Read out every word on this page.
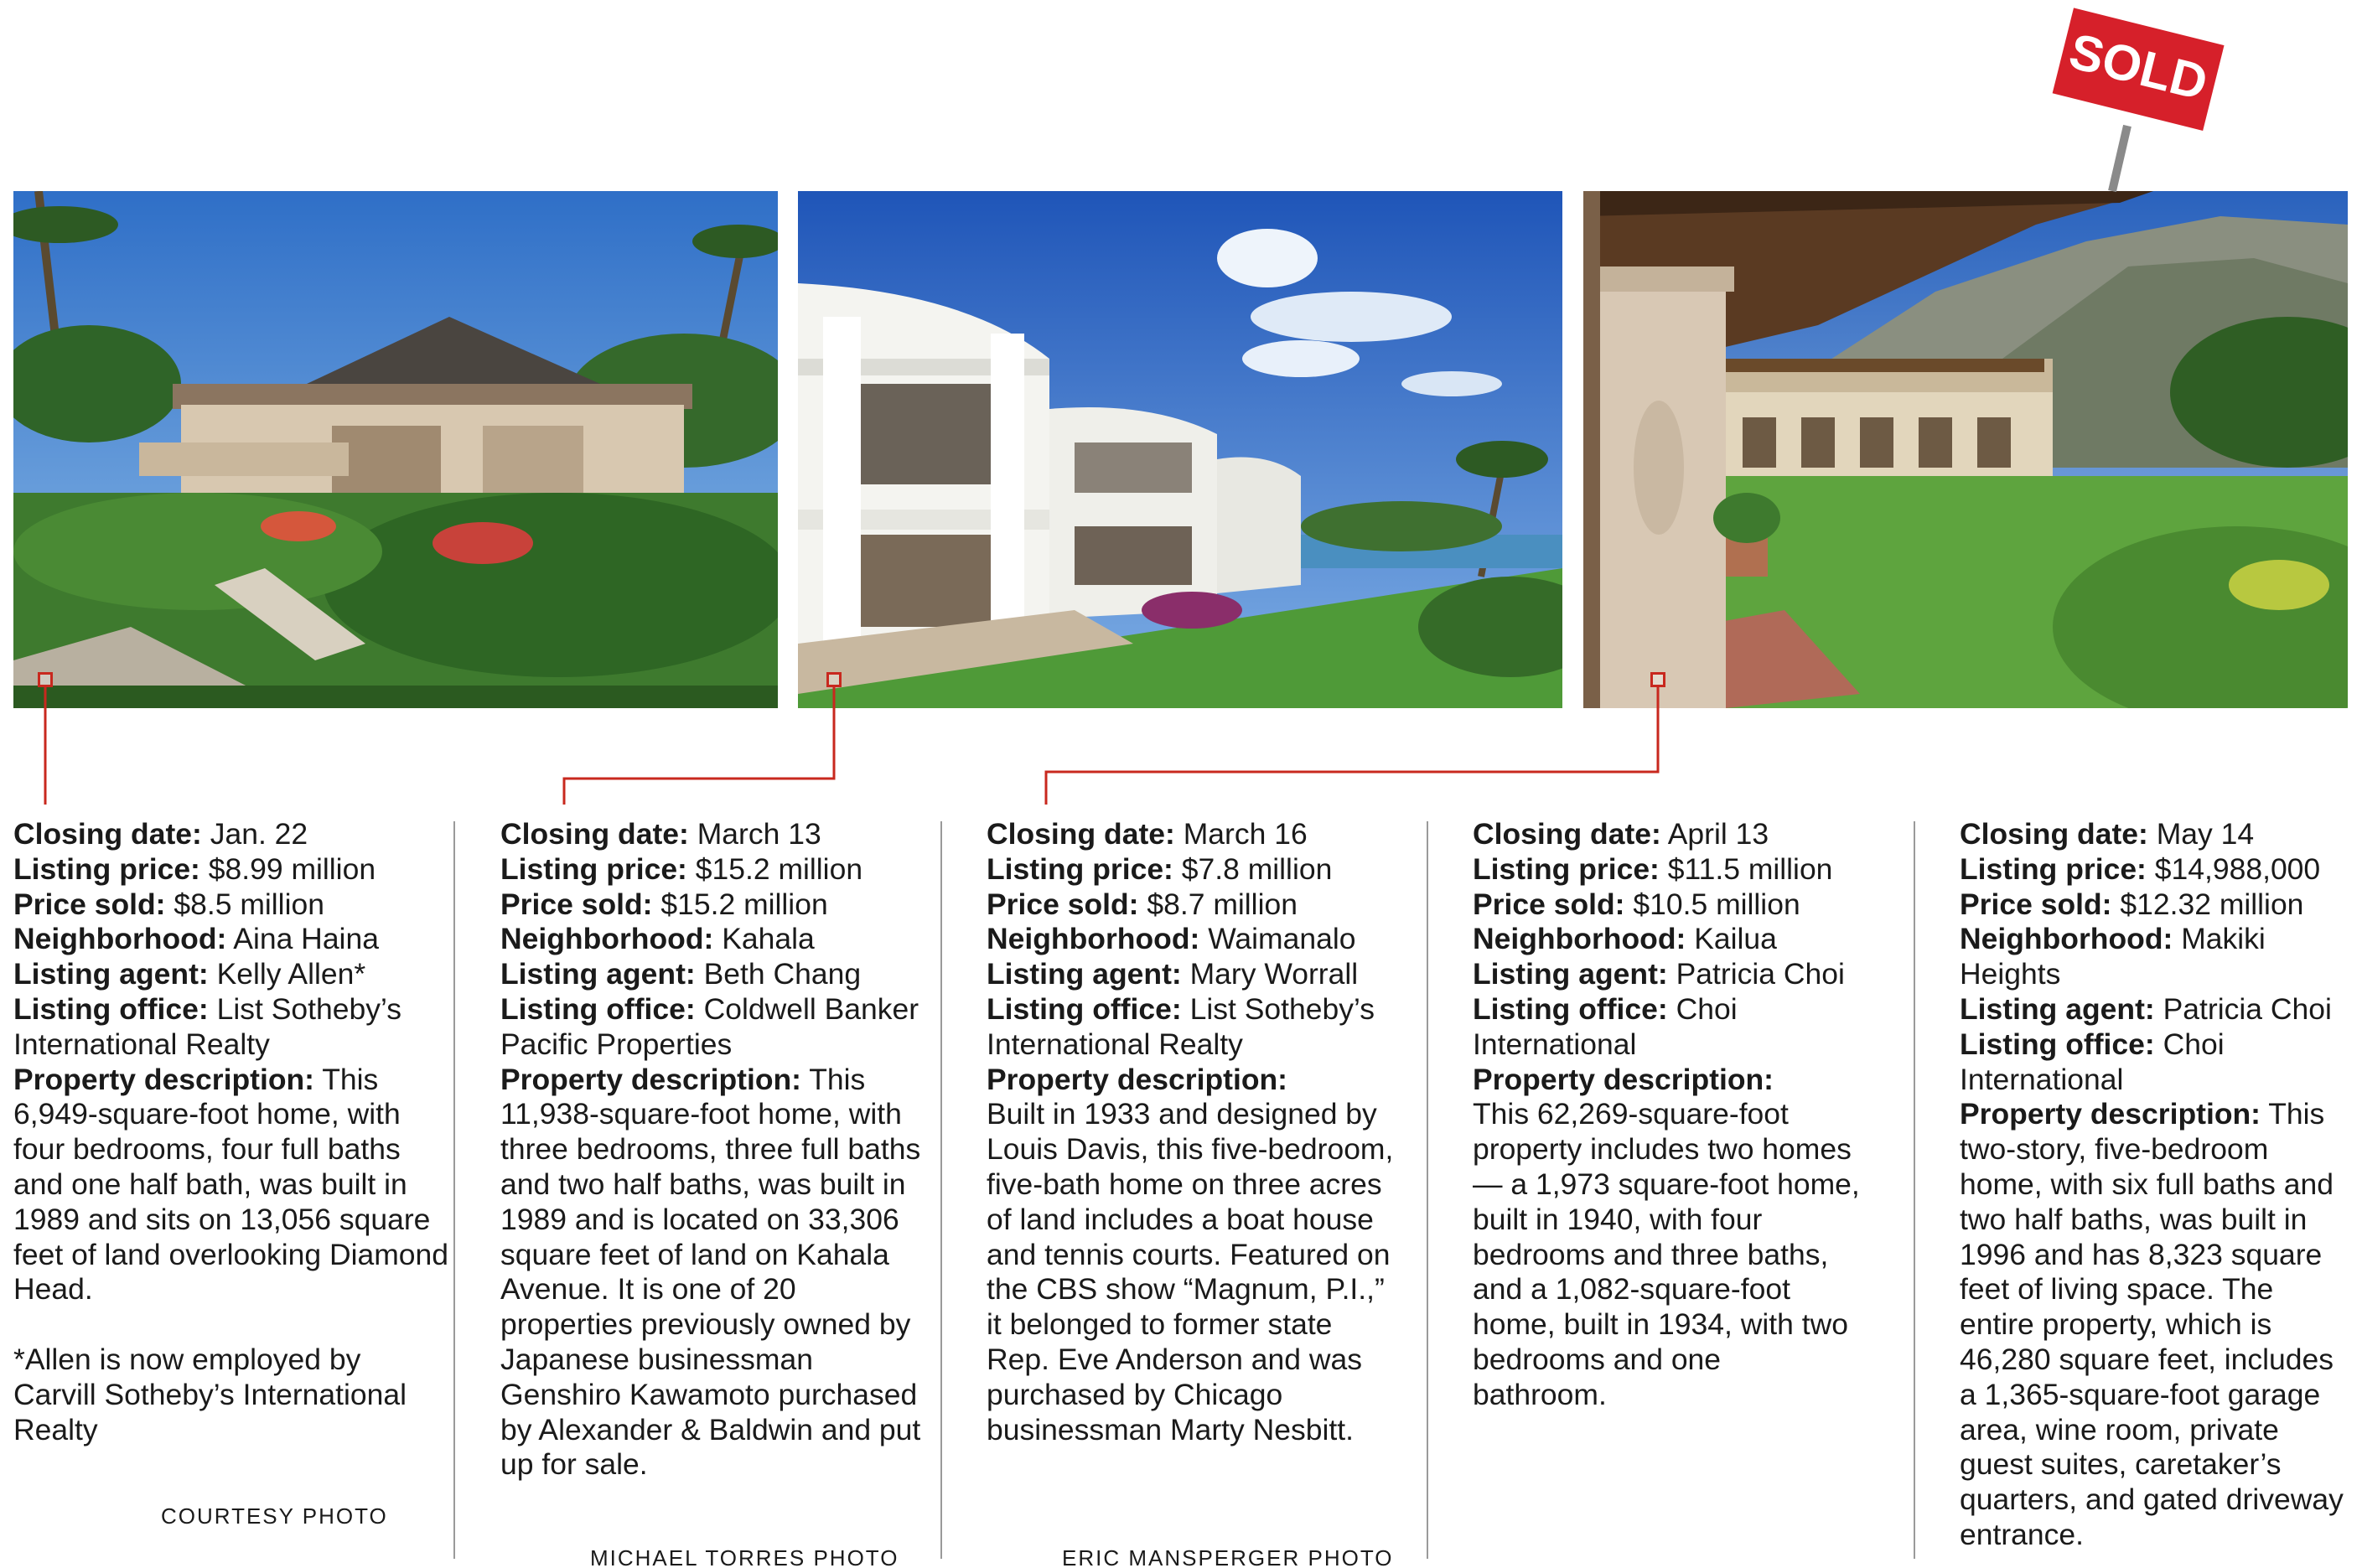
SOLD
Closing date: Jan. 22
Listing price: $8.99 million
Price sold: $8.5 million
Neighborhood: Aina Haina
Listing agent: Kelly Allen*
Listing office: List Sotheby’s International Realty
Property description: This 6,949-square-foot home, with four bedrooms, four full baths and one half bath, was built in 1989 and sits on 13,056 square feet of land overlooking Diamond Head.
*Allen is now employed by Carvill Sotheby’s International Realty
Closing date: March 13
Listing price: $15.2 million
Price sold: $15.2 million
Neighborhood: Kahala
Listing agent: Beth Chang
Listing office: Coldwell Banker Pacific Properties
Property description: This 11,938-square-foot home, with three bedrooms, three full baths and two half baths, was built in 1989 and is located on 33,306 square feet of land on Kahala Avenue. It is one of 20 properties previously owned by Japanese businessman Genshiro Kawamoto purchased by Alexander & Baldwin and put up for sale.
Closing date: March 16
Listing price: $7.8 million
Price sold: $8.7 million
Neighborhood: Waimanalo
Listing agent: Mary Worrall
Listing office: List Sotheby’s International Realty
Property description:
Built in 1933 and designed by Louis Davis, this five-bedroom, five-bath home on three acres of land includes a boat house and tennis courts. Featured on the CBS show “Magnum, P.I.,” it belonged to former state Rep. Eve Anderson and was purchased by Chicago businessman Marty Nesbitt.
Closing date: April 13
Listing price: $11.5 million
Price sold: $10.5 million
Neighborhood: Kailua
Listing agent: Patricia Choi
Listing office: Choi International
Property description:
This 62,269-square-foot property includes two homes — a 1,973 square-foot home, built in 1940, with four bedrooms and three baths, and a 1,082-square-foot home, built in 1934, with two bedrooms and one bathroom.
Closing date: May 14
Listing price: $14,988,000
Price sold: $12.32 million
Neighborhood: Makiki Heights
Listing agent: Patricia Choi
Listing office: Choi International
Property description: This two-story, five-bedroom home, with six full baths and two half baths, was built in 1996 and has 8,323 square feet of living space. The entire property, which is 46,280 square feet, includes a 1,365-square-foot garage area, wine room, private guest suites, caretaker’s quarters, and gated driveway entrance.
COURTESY PHOTO
MICHAEL TORRES PHOTO	ERIC MANSPERGER PHOTO
